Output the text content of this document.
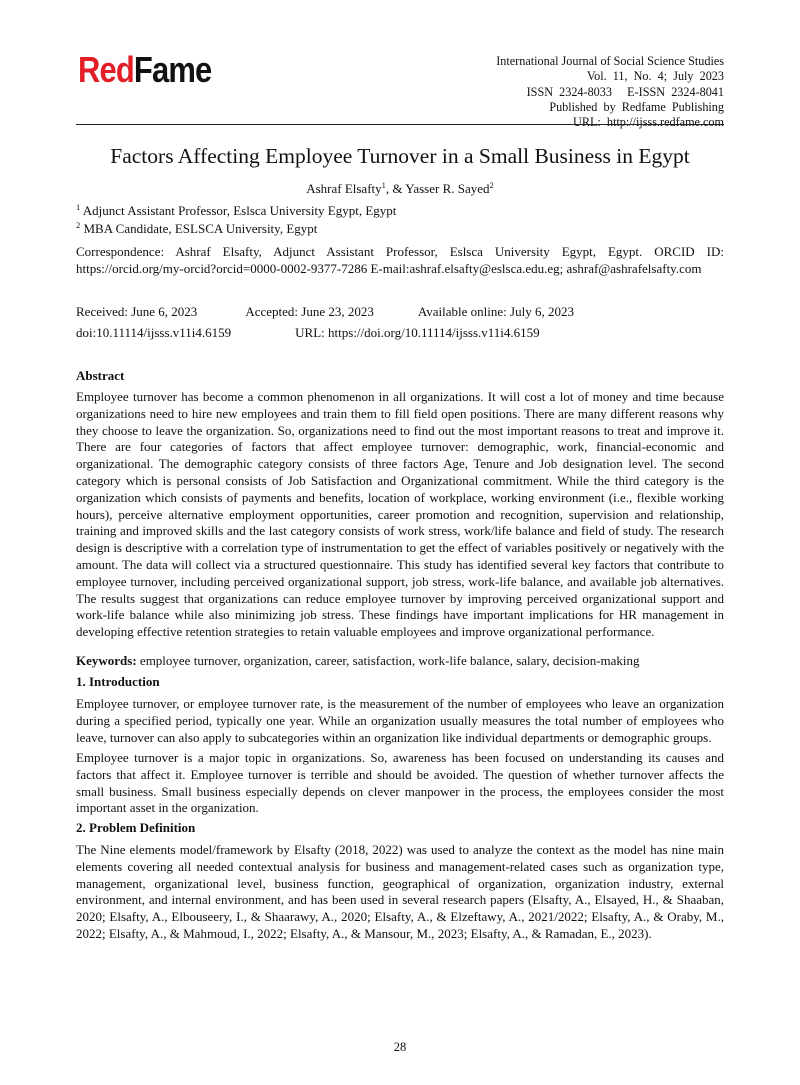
RedFame	International Journal of Social Science Studies
Vol.  11,  No.  4;  July  2023
ISSN  2324-8033     E-ISSN  2324-8041
Published  by  Redfame  Publishing
URL:  http://ijsss.redfame.com
Factors Affecting Employee Turnover in a Small Business in Egypt
Ashraf Elsafty$^1$, & Yasser R. Sayed$^2$
$^1$ Adjunct Assistant Professor, Eslsca University Egypt, Egypt
$^2$ MBA Candidate, ESLSCA University, Egypt
Correspondence: Ashraf Elsafty, Adjunct Assistant Professor, Eslsca University Egypt, Egypt. ORCID ID: https://orcid.org/my-orcid?orcid=0000-0002-9377-7286 E-mail:ashraf.elsafty@eslsca.edu.eg; ashraf@ashrafelsafty.com
Received: June 6, 2023	Accepted: June 23, 2023	Available online: July 6, 2023
doi:10.11114/ijsss.v11i4.6159	URL: https://doi.org/10.11114/ijsss.v11i4.6159
Abstract
Employee turnover has become a common phenomenon in all organizations. It will cost a lot of money and time because organizations need to hire new employees and train them to fill field open positions. There are many different reasons why they choose to leave the organization. So, organizations need to find out the most important reasons to treat and improve it. There are four categories of factors that affect employee turnover: demographic, work, financial-economic and organizational. The demographic category consists of three factors Age, Tenure and Job designation level. The second category which is personal consists of Job Satisfaction and Organizational commitment. While the third category is the organization which consists of payments and benefits, location of workplace, working environment (i.e., flexible working hours), perceive alternative employment opportunities, career promotion and recognition, supervision and relationship, training and improved skills and the last category consists of work stress, work/life balance and field of study. The research design is descriptive with a correlation type of instrumentation to get the effect of variables positively or negatively with the amount. The data will collect via a structured questionnaire. This study has identified several key factors that contribute to employee turnover, including perceived organizational support, job stress, work-life balance, and available job alternatives. The results suggest that organizations can reduce employee turnover by improving perceived organizational support and work-life balance while also minimizing job stress. These findings have important implications for HR management in developing effective retention strategies to retain valuable employees and improve organizational performance.
Keywords: employee turnover, organization, career, satisfaction, work-life balance, salary, decision-making
1. Introduction
Employee turnover, or employee turnover rate, is the measurement of the number of employees who leave an organization during a specified period, typically one year. While an organization usually measures the total number of employees who leave, turnover can also apply to subcategories within an organization like individual departments or demographic groups.
Employee turnover is a major topic in organizations. So, awareness has been focused on understanding its causes and factors that affect it. Employee turnover is terrible and should be avoided. The question of whether turnover affects the small business. Small business especially depends on clever manpower in the process, the employees consider the most important asset in the organization.
2. Problem Definition
The Nine elements model/framework by Elsafty (2018, 2022) was used to analyze the context as the model has nine main elements covering all needed contextual analysis for business and management-related cases such as organization type, management, organizational level, business function, geographical of organization, organization industry, external environment, and internal environment, and has been used in several research papers (Elsafty, A., Elsayed, H., & Shaaban, 2020; Elsafty, A., Elbouseery, I., & Shaarawy, A., 2020; Elsafty, A., & Elzeftawy, A., 2021/2022; Elsafty, A., & Oraby, M., 2022; Elsafty, A., & Mahmoud, I., 2022; Elsafty, A., & Mansour, M., 2023; Elsafty, A., & Ramadan, E., 2023).
28
